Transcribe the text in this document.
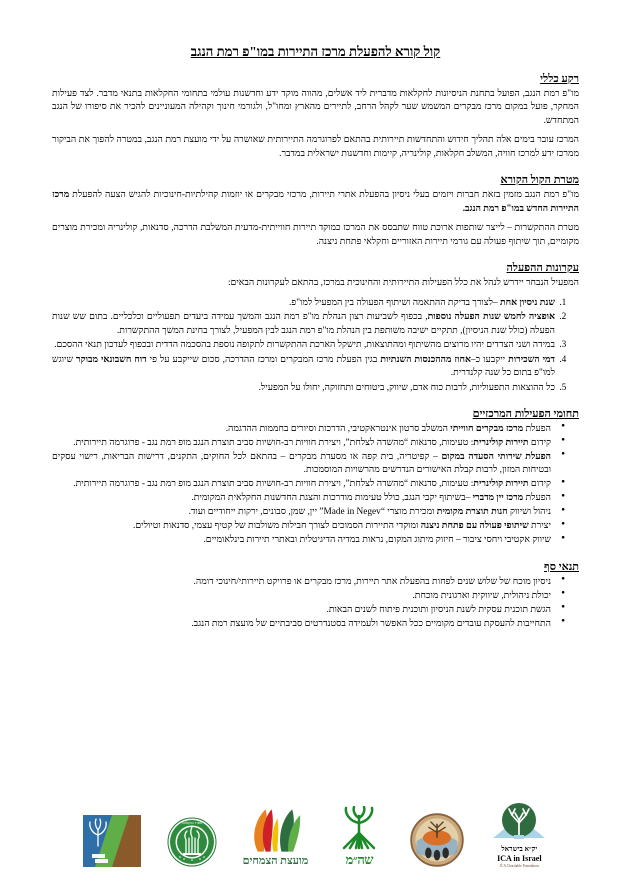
קול קורא להפעלת מרכז התיירות במו"פ רמת הנגב
רקע כללי

מו"פ רמת הנגב, הפועל בתחנת הניסיונות לחקלאות מדברית ליד אשלים, מהווה מוקד ידע וחדשנות עולמי בתחומי החקלאות בתנאי מדבר. לצד פעילות המחקר, פועל במקום מרכז מבקרים המשמש שער לקהל הרחב, לתיירים מהארץ ומחו"ל, ולגורמי חינוך וקהילה המעוניינים להכיר את סיפורו של הנגב המתחדש.

המרכז עובר בימים אלה תהליך חידוש והתחדשות תיירותית בהתאם לפרוגרמה התיירותית שאושרה על ידי מועצת רמת הנגב, במטרה להפוך את הביקור ממרכז ידע למרכז חוויה, המשלב חקלאות, קולינריה, קיימות וחדשנות ישראלית במדבר.

מטרת הקול הקורא

מו"פ רמת הנגב מזמין בזאת חברות ויזמים בעלי ניסיון בהפעלת אתרי תיירות, מרכזי מבקרים או יוזמות קהילתיות-חינוכיות להגיש הצעה להפעלת מרכז התיירות החדש במו"פ רמת הנגב.

מטרת ההתקשרות – לייצר שותפות ארוכת טווח שתבסס את המרכז כמוקד תיירות חווייתית-מדעית המשלבת הדרכה, סדנאות, קולינריה ומכירת מוצרים מקומיים, תוך שיתוף פעולה עם גורמי תיירות האזוריים וחקלאי פתחת ניצנה.

עקרונות ההפעלה

המפעיל הנבחר יידרש לנהל את כלל הפעילות התיירותית והחינוכית במרכז, בהתאם לעקרונות הבאים:

1. שנת ניסיון אחת –לצורך בדיקת ההתאמה ושיתוף הפעולה בין המפעיל למו"פ.
2. אופציה לחמש שנות הפעלה נוספות, בכפוף לשביעות רצון הנהלת מו"פ רמת הנגב והמשך עמידה ביעדים תפעוליים וכלכליים. בתום שש שנות הפעלה (כולל שנת הניסיון), תתקיים ישיבה משותפת בין הנהלת מו"פ רמת הנגב לבין המפעיל, לצורך בחינת המשך ההתקשרות.
3. במידה ושני הצדדים יהיו מרוצים מהשיתוף ומהתוצאות, תישקל הארכת ההתקשרות לתקופה נוספת בהסכמה הדדית ובכפוף לעדכון תנאי ההסכם.
4. דמי השכירות ייקבעו כ–אחוז מההכנסות השנתיות בגין הפעלת מרכז המבקרים ומרכז ההדרכה, סכום שייקבע על פי דוח חשבונאי מבוקר שיוגש למו"פ בתום כל שנה קלנדרית.
5. כל ההוצאות התפעוליות, לרבות כוח אדם, שיווק, ביטוחים ותחזוקה, יחולו על המפעיל.
תחומי הפעילות המרכזיים
● הפעלת מרכז מבקרים חווייתי המשלב סרטון אינטראקטיבי, הדרכות וסיורים בחממות ההדגמה.
● קידום תיירות קולינרית: טעימות, סדנאות “מהשדה לצלחת”, ויצירת חוויות רב-חושיות סביב תוצרת הנגב מופ רמת נגב - פרוגרמה תיירותית.
● הפעלת שירותי הסעדה במקום – קפיטריה, בית קפה או מסעדת מבקרים – בהתאם לכל החוקים, התקנים, דרישות הבריאות, רישוי עסקים ובטיחות המזון, לרבות קבלת האישורים הנדרשים מהרשויות המוסמכות.
● קידום תיירות קולינרית: טעימות, סדנאות “מהשדה לצלחת”, ויצירת חוויות רב-חושיות סביב תוצרת הנגב מופ רמת נגב - פרוגרמה תיירותית.
● הפעלת מרכז יין מדברי –בשיתוף יקבי הנגב, כולל טעימות מודרכות והצגת החדשנות החקלאית המקומית.
● ניהול ושיווק חנות תוצרת מקומית ומכירת מוצרי “Made in Negev” יין, שמן, סבונים, ירקות ייחודיים ועוד.
● יצירת שיתופי פעולה עם פתחת ניצנה ומוקדי התיירות הסמוכים לצורך חבילות משולבות של קטיף עצמי, סדנאות וטיולים.
● שיווק אקטיבי ויחסי ציבור – חיזוק מיתוג המקום, נראות במדיה הדיגיטלית ובאתרי תיירות בינלאומיים.
תנאי סף
● ניסיון מוכח של שלוש שנים לפחות בהפעלת אתר תיירות, מרכז מבקרים או פרויקט תיירותי/חינוכי דומה.
● יכולת ניהולית, שיווקית וארגונית מוכחת.
● הגשת תוכנית עסקית לשנת הניסיון ותוכנית פיתוח לשנים הבאות.
● התחייבות להעסקת עובדים מקומיים ככל האפשר ולעמידה בסטנדרטים סביבתיים של מועצת רמת הנגב.
יק״א בישראל
ICA in Israel
JCA Charitable Foundation
שה״מ
מועצת הצמחים
משרד החקלאות
